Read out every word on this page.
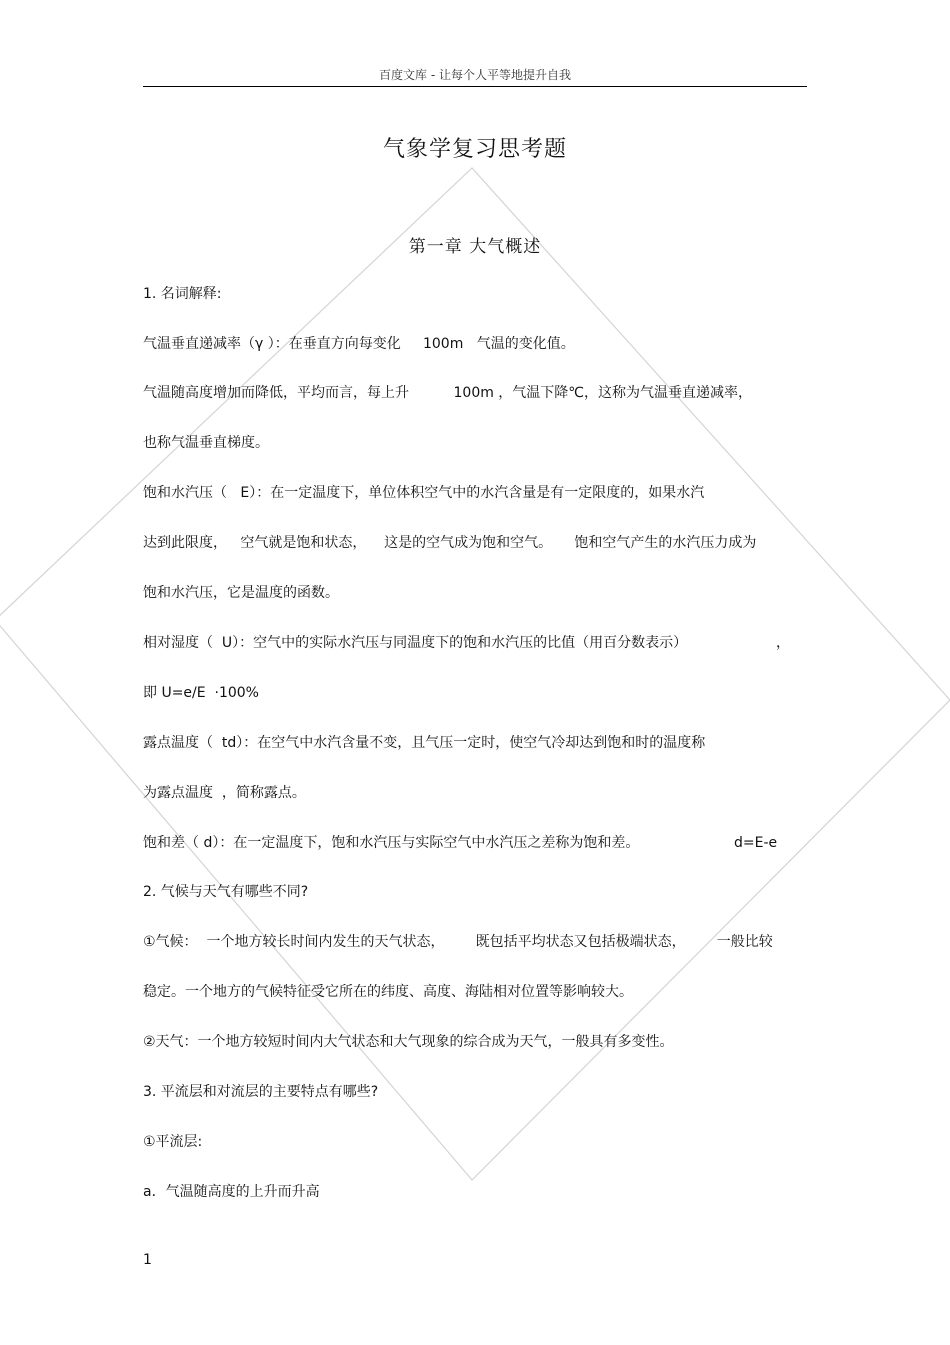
百度文库 - 让每个人平等地提升自我
气象学复习思考题
第一章 大气概述
1. 名词解释:
气温垂直递减率（γ ）：在垂直方向每变化     100m   气温的变化值。
气温随高度增加而降低，平均而言，每上升          100m ，气温下降℃，这称为气温垂直递减率，
也称气温垂直梯度。
饱和水汽压（   E）：在一定温度下，单位体积空气中的水汽含量是有一定限度的，如果水汽
达到此限度，   空气就是饱和状态，    这是的空气成为饱和空气。     饱和空气产生的水汽压力成为
饱和水汽压，它是温度的函数。
相对湿度（  U）：空气中的实际水汽压与同温度下的饱和水汽压的比值（用百分数表示）	，
即 U=e/E  ·100%
露点温度（  td）：在空气中水汽含量不变，且气压一定时，使空气冷却达到饱和时的温度称
为露点温度  ，简称露点。
饱和差（ d）：在一定温度下，饱和水汽压与实际空气中水汽压之差称为饱和差。	d=E-e
2. 气候与天气有哪些不同?
①气候：  一个地方较长时间内发生的天气状态，       既包括平均状态又包括极端状态，       一般比较
稳定。一个地方的气候特征受它所在的纬度、高度、海陆相对位置等影响较大。
②天气：一个地方较短时间内大气状态和大气现象的综合成为天气，一般具有多变性。
3. 平流层和对流层的主要特点有哪些?
①平流层:
a．气温随高度的上升而升高
1
